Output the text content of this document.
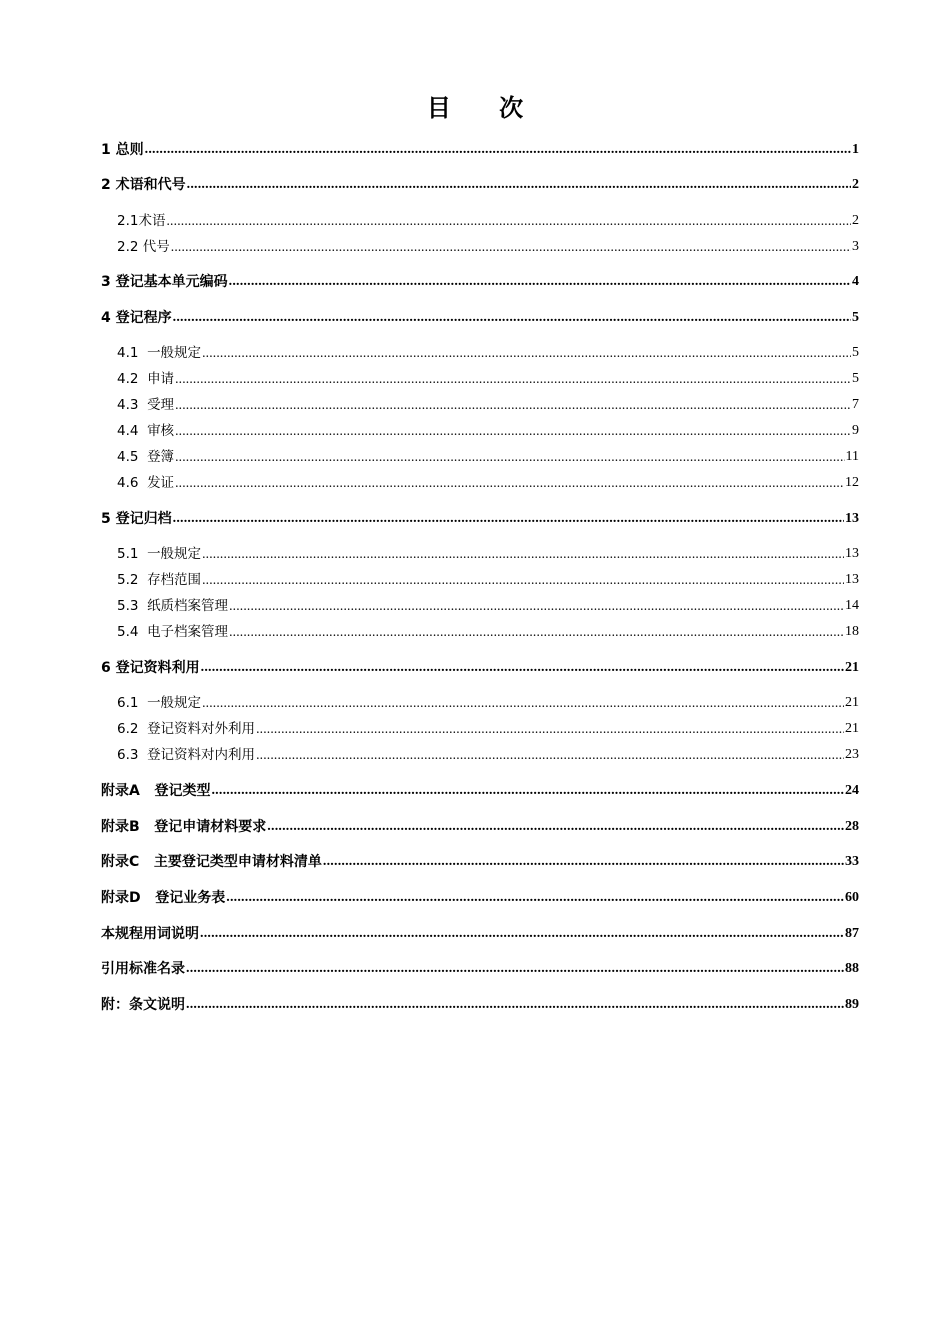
目 次
1 总则 .....	1
2 术语和代号 .....	2
2.1 术语 .....	2
2.2 代号 .....	3
3 登记基本单元编码 .....	4
4 登记程序 .....	5
4.1 一般规定 .....	5
4.2 申请 .....	5
4.3 受理 .....	7
4.4 审核 .....	9
4.5 登簿 .....	11
4.6 发证 .....	12
5 登记归档 .....	13
5.1 一般规定 .....	13
5.2 存档范围 .....	13
5.3 纸质档案管理 .....	14
5.4 电子档案管理 .....	18
6 登记资料利用 .....	21
6.1 一般规定 .....	21
6.2 登记资料对外利用 .....	21
6.3 登记资料对内利用 .....	23
附录A 登记类型 .....	24
附录B 登记申请材料要求 .....	28
附录C 主要登记类型申请材料清单 .....	33
附录D 登记业务表 .....	60
本规程用词说明 .....	87
引用标准名录 .....	88
附：条文说明 .....	89
